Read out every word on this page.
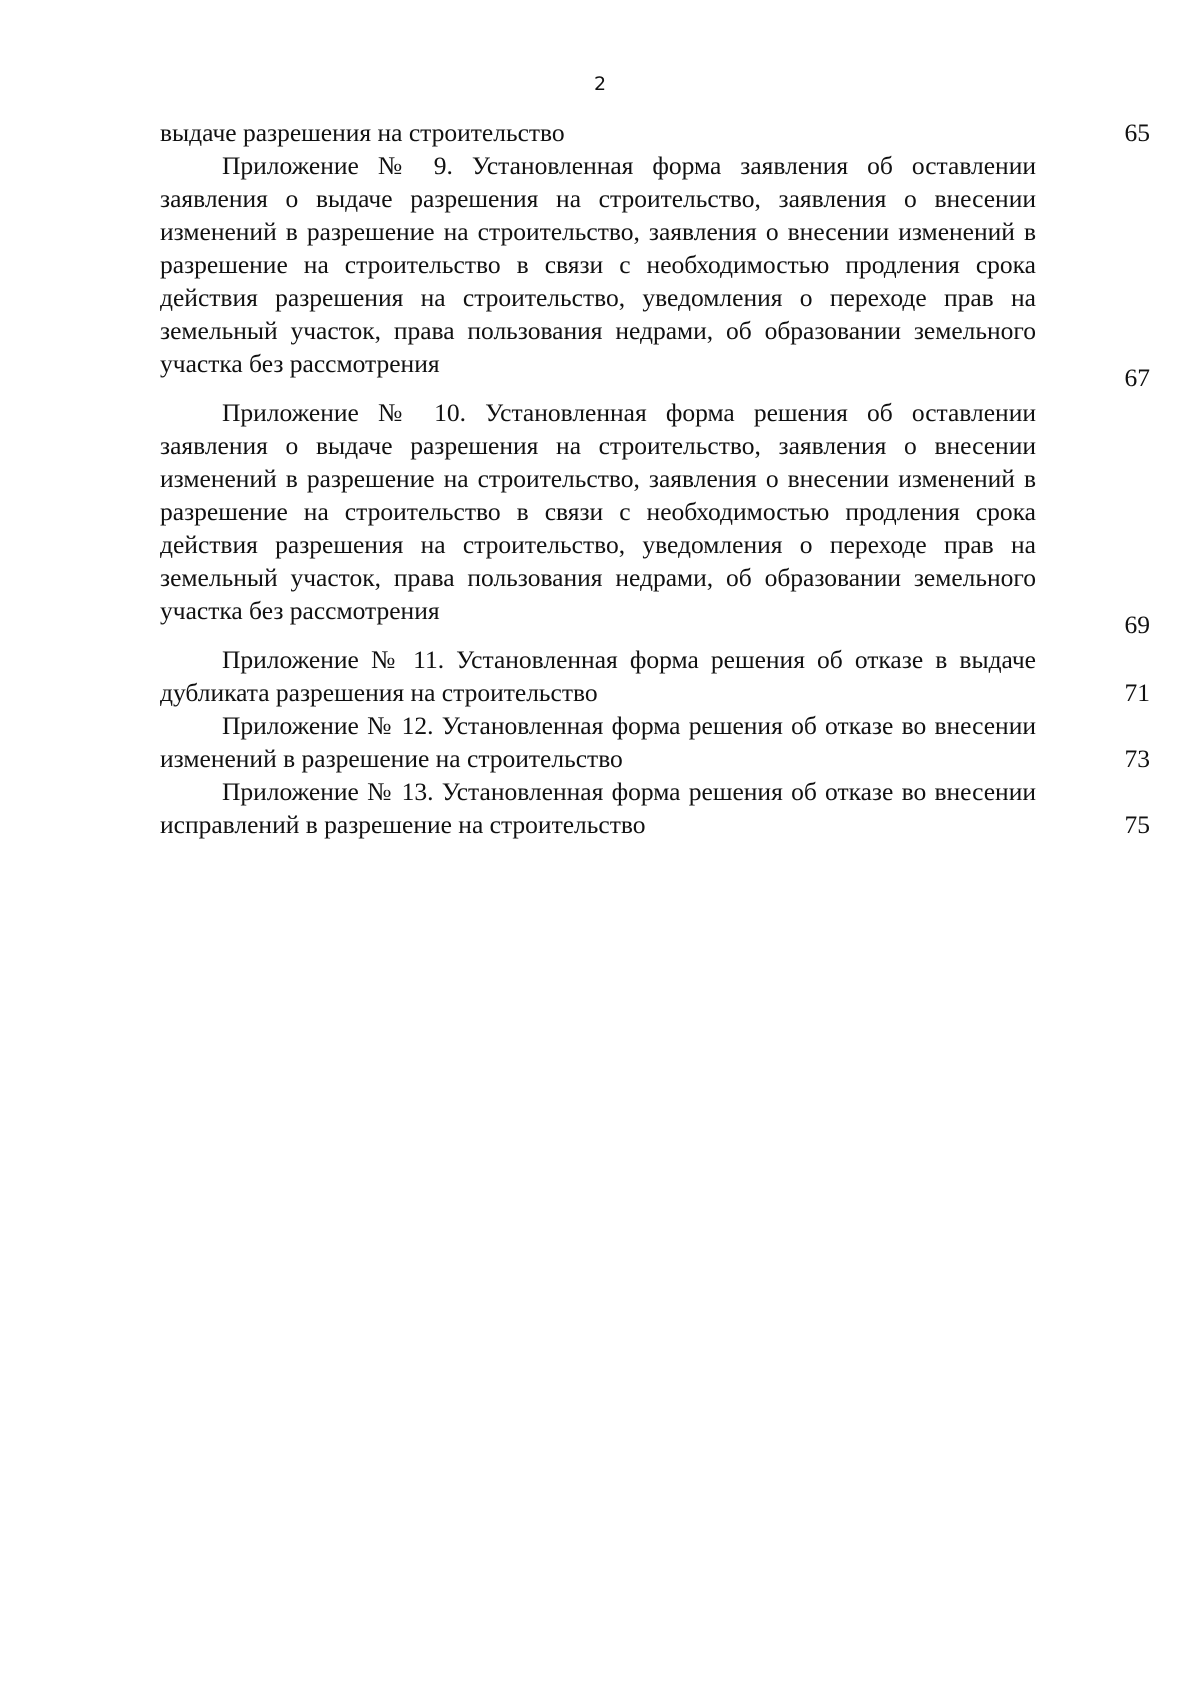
2

выдаче разрешения на строительство	65

Приложение № 9. Установленная форма заявления об оставлении заявления о выдаче разрешения на строительство, заявления о внесении изменений в разрешение на строительство, заявления о внесении изменений в разрешение на строительство в связи с необходимостью продления срока действия разрешения на строительство, уведомления о переходе прав на земельный участок, права пользования недрами, об образовании земельного участка без рассмотрения	67

Приложение № 10. Установленная форма решения об оставлении заявления о выдаче разрешения на строительство, заявления о внесении изменений в разрешение на строительство, заявления о внесении изменений в разрешение на строительство в связи с необходимостью продления срока действия разрешения на строительство, уведомления о переходе прав на земельный участок, права пользования недрами, об образовании земельного участка без рассмотрения	69

Приложение № 11. Установленная форма решения об отказе в выдаче дубликата разрешения на строительство	71

Приложение № 12. Установленная форма решения об отказе во внесении изменений в разрешение на строительство	73

Приложение № 13. Установленная форма решения об отказе во внесении исправлений в разрешение на строительство	75
